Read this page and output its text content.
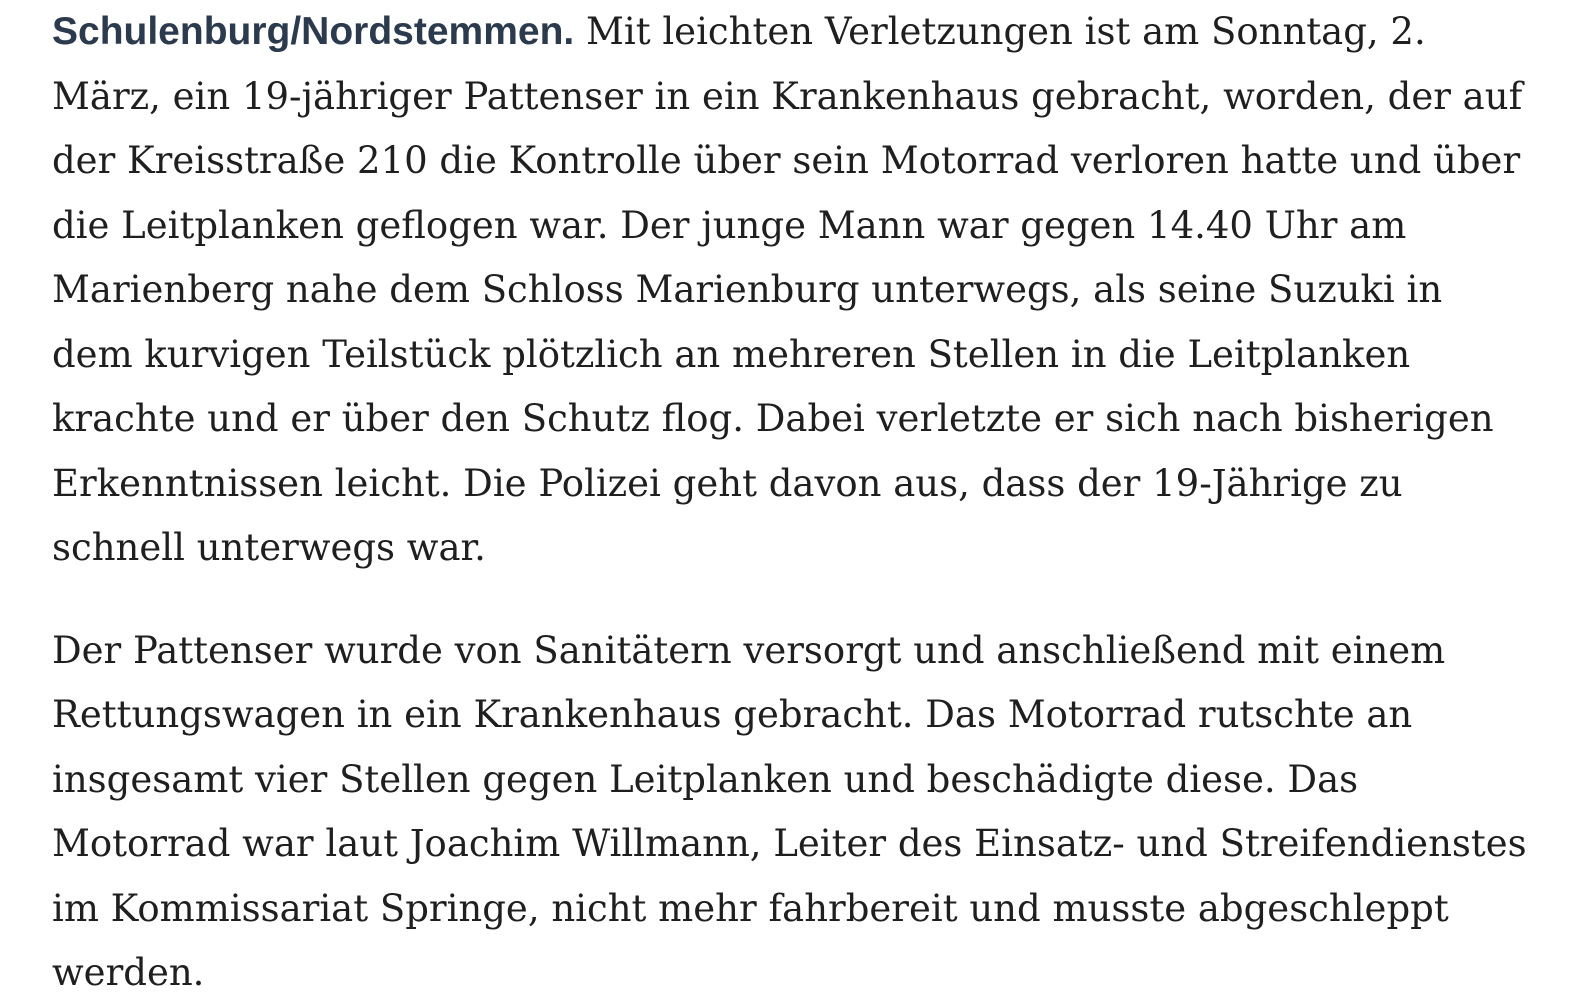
Schulenburg/Nordstemmen. Mit leichten Verletzungen ist am Sonntag, 2. März, ein 19-jähriger Pattenser in ein Krankenhaus gebracht, worden, der auf der Kreisstraße 210 die Kontrolle über sein Motorrad verloren hatte und über die Leitplanken geflogen war. Der junge Mann war gegen 14.40 Uhr am Marienberg nahe dem Schloss Marienburg unterwegs, als seine Suzuki in dem kurvigen Teilstück plötzlich an mehreren Stellen in die Leitplanken krachte und er über den Schutz flog. Dabei verletzte er sich nach bisherigen Erkenntnissen leicht. Die Polizei geht davon aus, dass der 19-Jährige zu schnell unterwegs war.

Der Pattenser wurde von Sanitätern versorgt und anschließend mit einem Rettungswagen in ein Krankenhaus gebracht. Das Motorrad rutschte an insgesamt vier Stellen gegen Leitplanken und beschädigte diese. Das Motorrad war laut Joachim Willmann, Leiter des Einsatz- und Streifendienstes im Kommissariat Springe, nicht mehr fahrbereit und musste abgeschleppt werden.
